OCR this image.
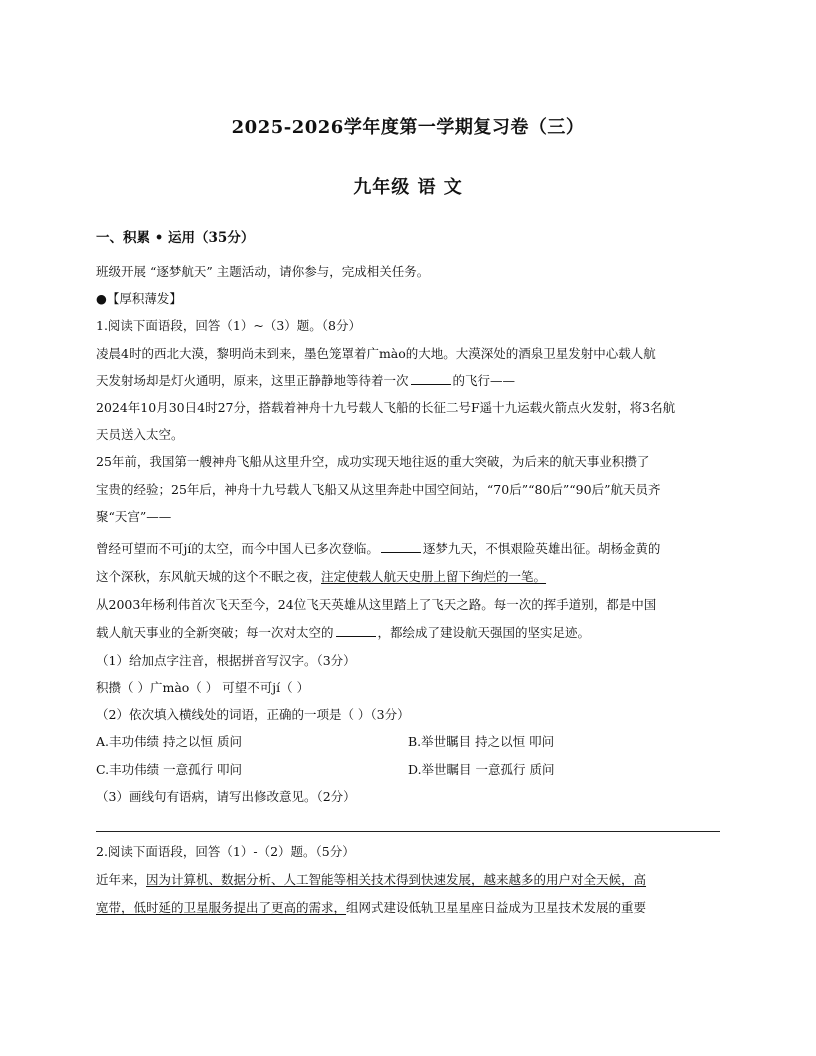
2025-2026学年度第一学期复习卷（三）
九年级 语 文
一、积累 • 运用（35分）
班级开展 “逐梦航天” 主题活动，请你参与，完成相关任务。
●【厚积薄发】
1.阅读下面语段，回答（1）~（3）题。（8分）
凌晨4时的西北大漠，黎明尚未到来，墨色笼罩着广mào的大地。大漠深处的酒泉卫星发射中心载人航
天发射场却是灯火通明，原来，这里正静静地等待着一次	的飞行——
2024年10月30日4时27分，搭载着神舟十九号载人飞船的长征二号F遥十九运载火箭点火发射，将3名航
天员送入太空。
25年前，我国第一艘神舟飞船从这里升空，成功实现天地往返的重大突破，为后来的航天事业积攒了
宝贵的经验；25年后，神舟十九号载人飞船又从这里奔赴中国空间站，“70后”“80后”“90后”航天员齐
聚“天宫”——
曾经可望而不可jí的太空，而今中国人已多次登临。	逐梦九天，不惧艰险英雄出征。胡杨金黄的
这个深秋，东风航天城的这个不眠之夜，注定使载人航天史册上留下绚烂的一笔。
从2003年杨利伟首次飞天至今，24位飞天英雄从这里踏上了飞天之路。每一次的挥手道别，都是中国
载人航天事业的全新突破；每一次对太空的	，都绘成了建设航天强国的坚实足迹。
（1）给加点字注音，根据拼音写汉字。（3分）
积攒（ ）广mào（ ） 可望不可jí（ ）
（2）依次填入横线处的词语，正确的一项是（ ）（3分）
A.丰功伟绩 持之以恒 质问	B.举世瞩目 持之以恒 叩问
C.丰功伟绩 一意孤行 叩问	D.举世瞩目 一意孤行 质问
（3）画线句有语病，请写出修改意见。（2分）
2.阅读下面语段，回答（1）-（2）题。（5分）
近年来，因为计算机、数据分析、人工智能等相关技术得到快速发展，越来越多的用户对全天候，高
宽带，低时延的卫星服务提出了更高的需求，组网式建设低轨卫星星座日益成为卫星技术发展的重要
